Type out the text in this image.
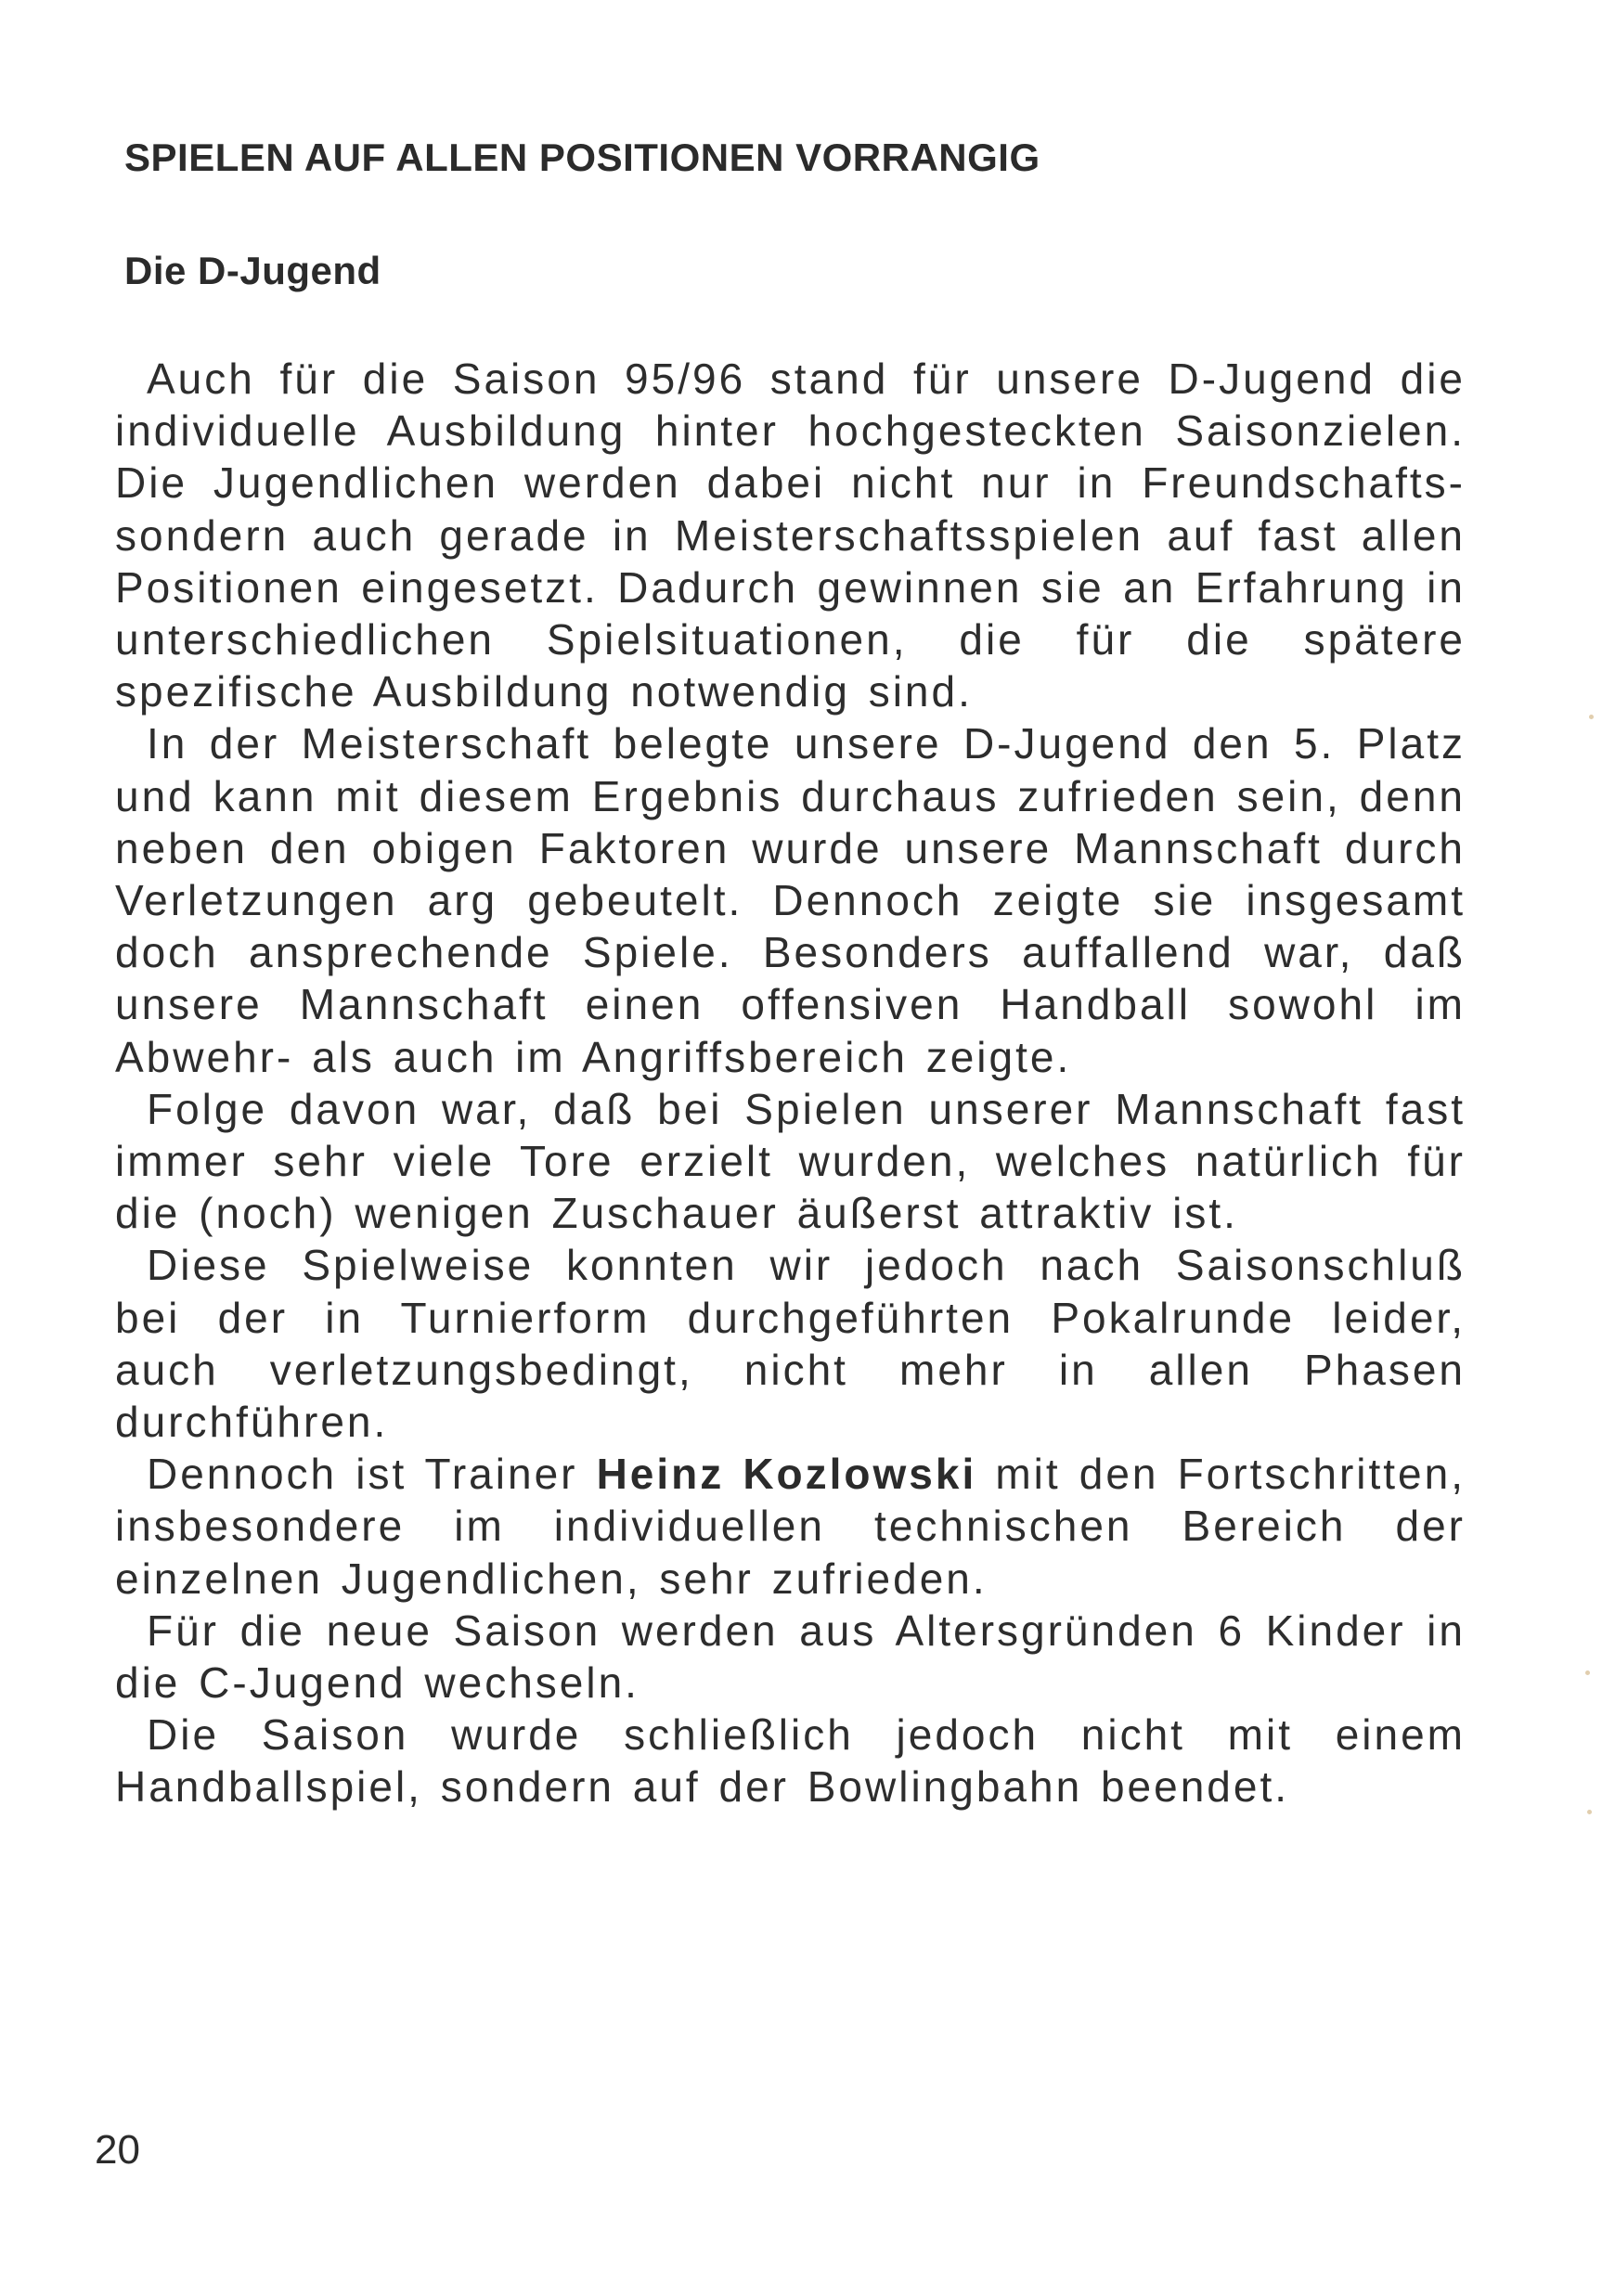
SPIELEN AUF ALLEN POSITIONEN VORRANGIG
Die D-Jugend

Auch für die Saison 95/96 stand für unsere D-Jugend die individuelle Ausbildung hinter hochgesteckten Saisonzielen. Die Jugendlichen werden dabei nicht nur in Freundschafts- sondern auch gerade in Meisterschaftsspielen auf fast allen Positionen eingesetzt. Dadurch gewinnen sie an Erfahrung in unterschiedlichen Spielsituationen, die für die spätere spezifische Ausbildung notwendig sind.

In der Meisterschaft belegte unsere D-Jugend den 5. Platz und kann mit diesem Ergebnis durchaus zufrieden sein, denn neben den obigen Faktoren wurde unsere Mannschaft durch Verletzungen arg gebeutelt. Dennoch zeigte sie insgesamt doch ansprechende Spiele. Besonders auffallend war, daß unsere Mannschaft einen offensiven Handball sowohl im Abwehr- als auch im Angriffsbereich zeigte.

Folge davon war, daß bei Spielen unserer Mannschaft fast immer sehr viele Tore erzielt wurden, welches natürlich für die (noch) wenigen Zuschauer äußerst attraktiv ist.

Diese Spielweise konnten wir jedoch nach Saisonschluß bei der in Turnierform durchgeführten Pokalrunde leider, auch verletzungsbedingt, nicht mehr in allen Phasen durchführen.

Dennoch ist Trainer Heinz Kozlowski mit den Fortschritten, insbesondere im individuellen technischen Bereich der einzelnen Jugendlichen, sehr zufrieden.

Für die neue Saison werden aus Altersgründen 6 Kinder in die C-Jugend wechseln.

Die Saison wurde schließlich jedoch nicht mit einem Handballspiel, sondern auf der Bowlingbahn beendet.

20
